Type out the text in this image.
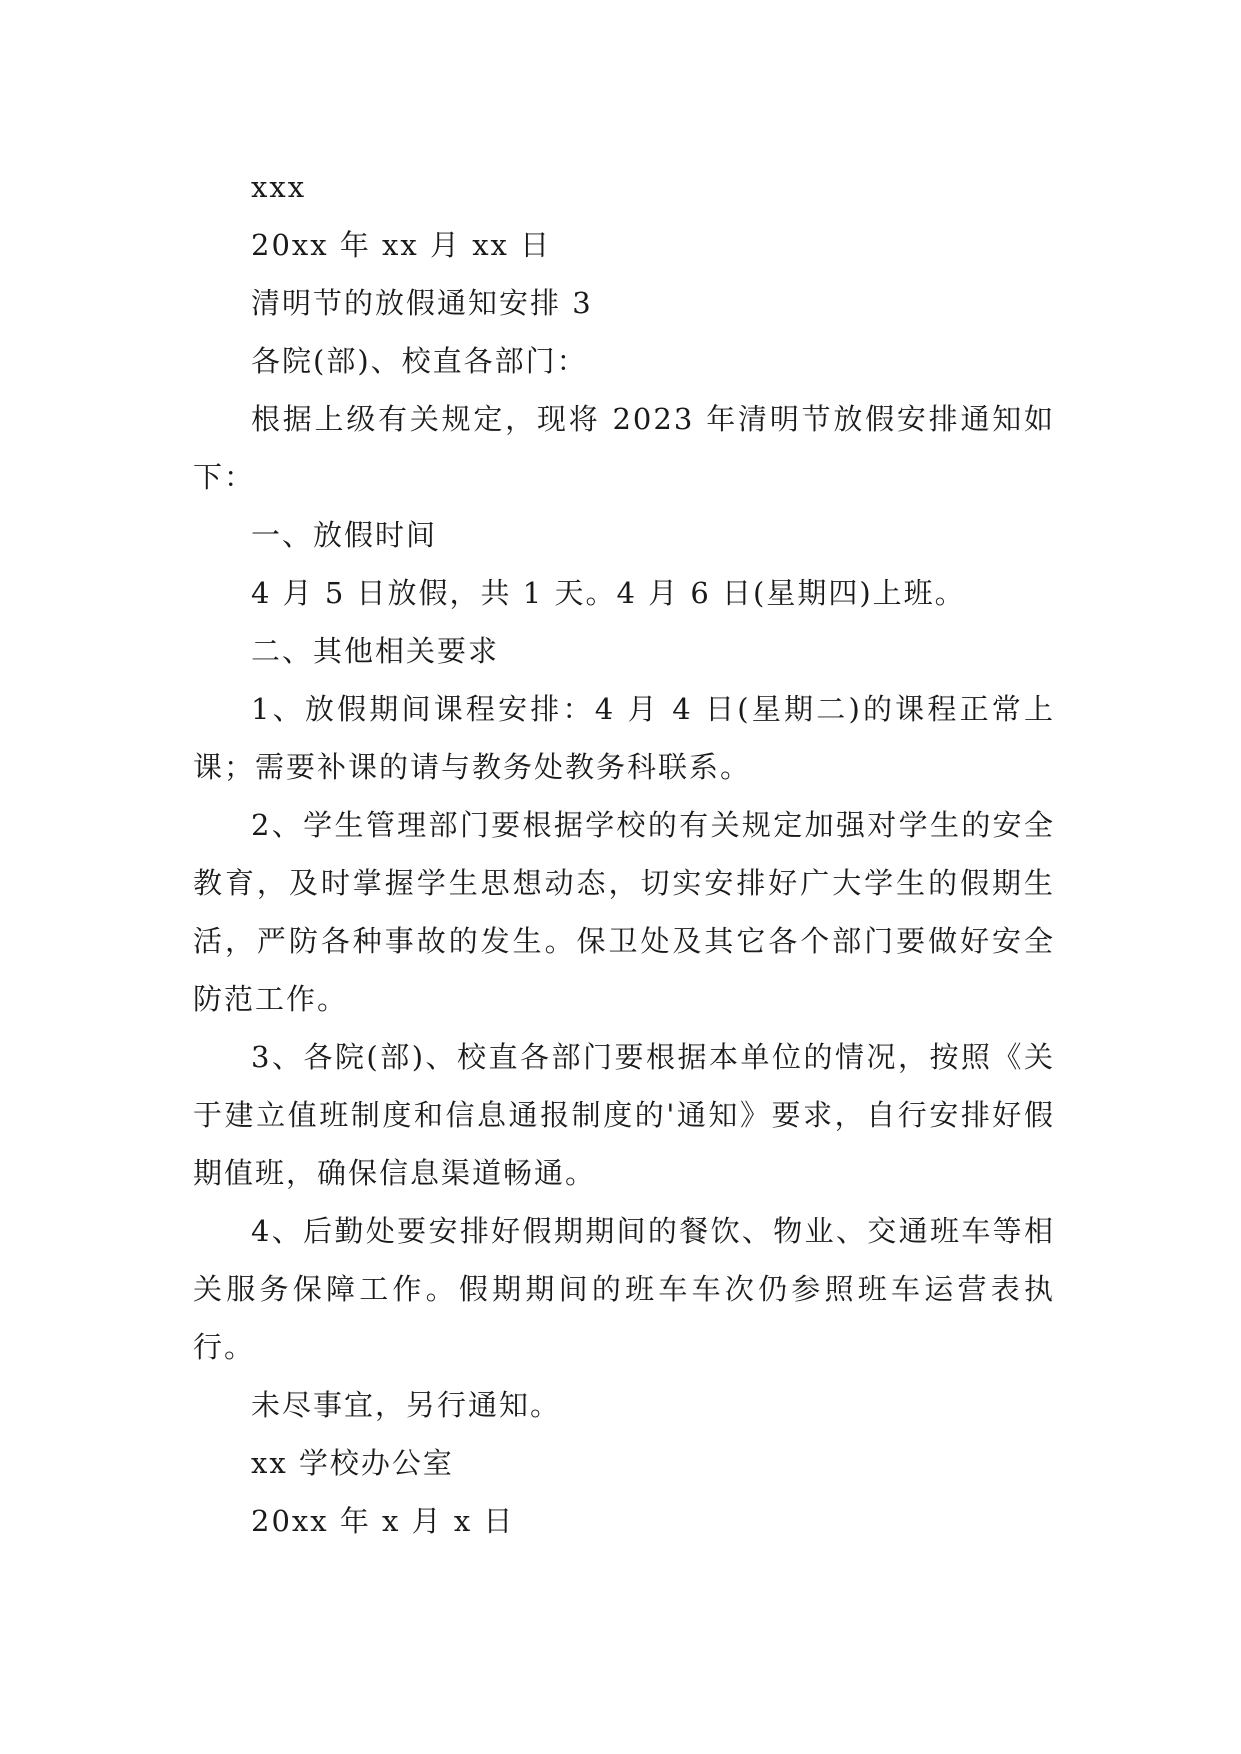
xxx

20xx 年 xx 月 xx 日

清明节的放假通知安排 3

各院(部)、校直各部门：

根据上级有关规定，现将 2023 年清明节放假安排通知如下：

一、放假时间

4 月 5 日放假，共 1 天。4 月 6 日(星期四)上班。

二、其他相关要求

1、放假期间课程安排：4 月 4 日(星期二)的课程正常上课；需要补课的请与教务处教务科联系。

2、学生管理部门要根据学校的有关规定加强对学生的安全教育，及时掌握学生思想动态，切实安排好广大学生的假期生活，严防各种事故的发生。保卫处及其它各个部门要做好安全防范工作。

3、各院(部)、校直各部门要根据本单位的情况，按照《关于建立值班制度和信息通报制度的'通知》要求，自行安排好假期值班，确保信息渠道畅通。

4、后勤处要安排好假期期间的餐饮、物业、交通班车等相关服务保障工作。假期期间的班车车次仍参照班车运营表执行。

未尽事宜，另行通知。

xx 学校办公室

20xx 年 x 月 x 日
